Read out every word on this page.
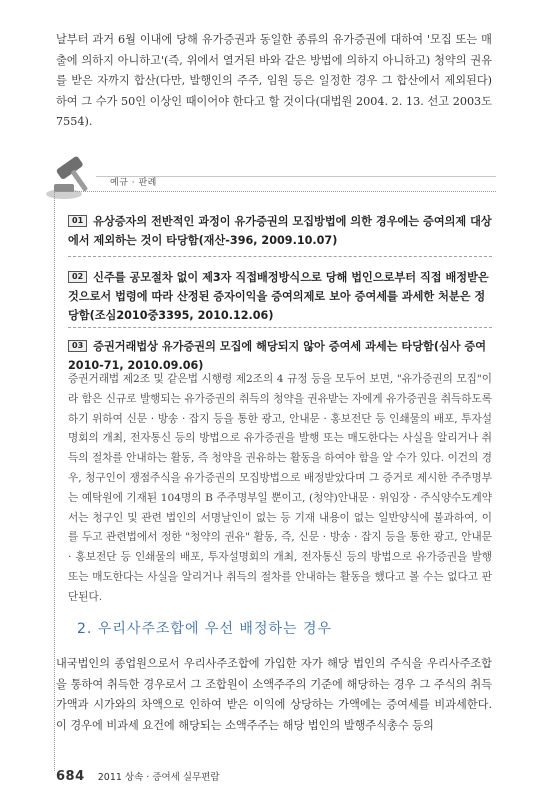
날부터 과거 6월 이내에 당해 유가증권과 동일한 종류의 유가증권에 대하여 '모집 또는 매출에 의하지 아니하고'(즉, 위에서 열거된 바와 같은 방법에 의하지 아니하고) 청약의 권유를 받은 자까지 합산(다만, 발행인의 주주, 임원 등은 일정한 경우 그 합산에서 제외된다)하여 그 수가 50인 이상인 때이어야 한다고 할 것이다(대법원 2004. 2. 13. 선고 2003도7554).
예규 · 판례
01 유상증자의 전반적인 과정이 유가증권의 모집방법에 의한 경우에는 증여의제 대상에서 제외하는 것이 타당함(재산-396, 2009.10.07)
02 신주를 공모절차 없이 제3자 직접배정방식으로 당해 법인으로부터 직접 배정받은 것으로서 법령에 따라 산정된 증자이익을 증여의제로 보아 증여세를 과세한 처분은 정당함(조심2010중3395, 2010.12.06)
03 증권거래법상 유가증권의 모집에 해당되지 않아 증여세 과세는 타당함(심사 증여2010-71, 2010.09.06)
증권거래법 제2조 및 같은법 시행령 제2조의 4 규정 등을 모두어 보면, "유가증권의 모집"이라 함은 신규로 발행되는 유가증권의 취득의 청약을 권유받는 자에게 유가증권을 취득하도록 하기 위하여 신문 · 방송 · 잡지 등을 통한 광고, 안내문 · 홍보전단 등 인쇄물의 배포, 투자설명회의 개최, 전자통신 등의 방법으로 유가증권을 발행 또는 매도한다는 사실을 알리거나 취득의 절차를 안내하는 활동, 즉 청약을 권유하는 활동을 하여야 함을 알 수가 있다. 이건의 경우, 청구인이 쟁점주식을 유가증권의 모집방법으로 배정받았다며 그 증거로 제시한 주주명부는 예탁원에 기재된 104명의 B 주주명부일 뿐이고, (청약)안내문 · 위임장 · 주식양수도계약서는 청구인 및 관련 법인의 서명날인이 없는 등 기재 내용이 없는 일반양식에 불과하여, 이를 두고 관련법에서 정한 "청약의 권유" 활동, 즉, 신문 · 방송 · 잡지 등을 통한 광고, 안내문 · 홍보전단 등 인쇄물의 배포, 투자설명회의 개최, 전자통신 등의 방법으로 유가증권을 발행 또는 매도한다는 사실을 알리거나 취득의 절차를 안내하는 활동을 했다고 볼 수는 없다고 판단된다.
2. 우리사주조합에 우선 배정하는 경우
내국법인의 종업원으로서 우리사주조합에 가입한 자가 해당 법인의 주식을 우리사주조합을 통하여 취득한 경우로서 그 조합원이 소액주주의 기준에 해당하는 경우 그 주식의 취득가액과 시가와의 차액으로 인하여 받은 이익에 상당하는 가액에는 증여세를 비과세한다. 이 경우에 비과세 요건에 해당되는 소액주주는 해당 법인의 발행주식총수 등의
684 2011 상속 · 증여세 실무편람
